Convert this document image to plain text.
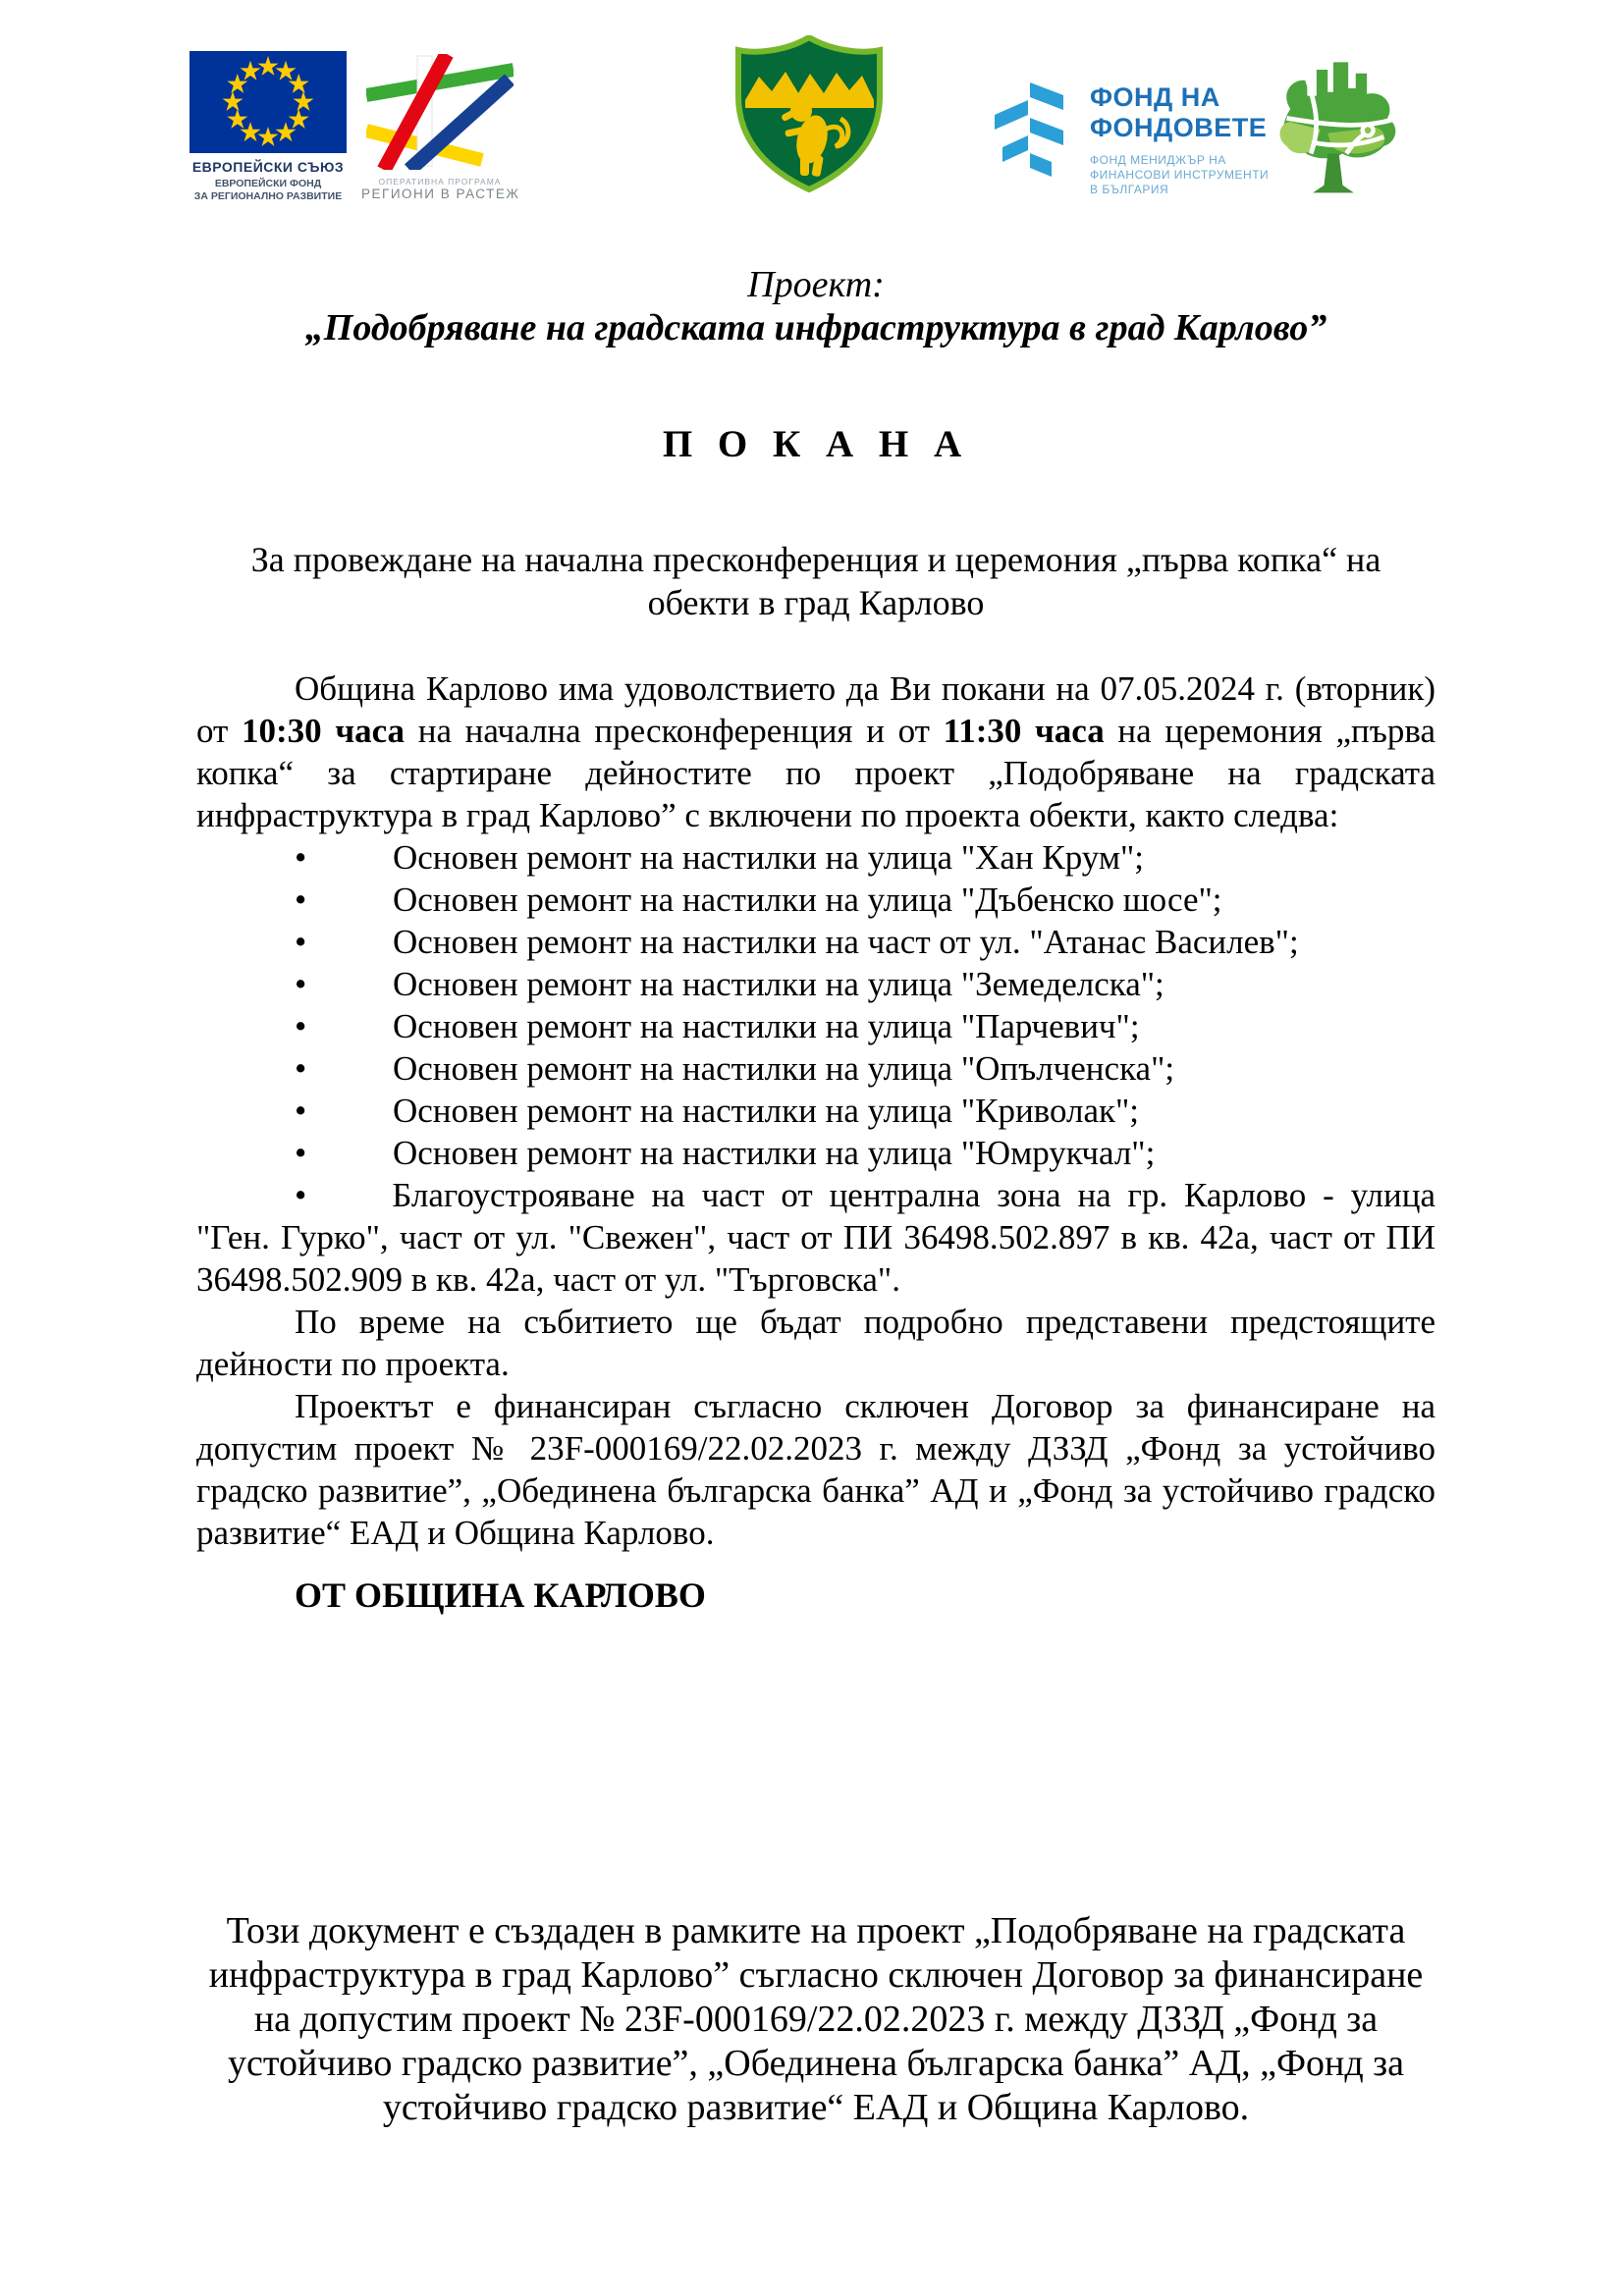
ЕВРОПЕЙСКИ СЪЮЗ
ЕВРОПЕЙСКИ ФОНД
ЗА РЕГИОНАЛНО РАЗВИТИЕ
ОПЕРАТИВНА ПРОГРАМА
РЕГИОНИ В РАСТЕЖ
ФОНД НА
ФОНДОВЕТЕ
ФОНД МЕНИДЖЪР НА
ФИНАНСОВИ ИНСТРУМЕНТИ
В БЪЛГАРИЯ
Проект:
„Подобряване на градската инфраструктура в град Карлово”
П О К А Н А
За провеждане на начална пресконференция и церемония „първа копка“ на обекти в град Карлово

Община Карлово има удоволствието да Ви покани на 07.05.2024 г. (вторник) от 10:30 часа на начална пресконференция и от 11:30 часа на церемония „първа копка“ за стартиране дейностите по проект „Подобряване на градската инфраструктура в град Карлово” с включени по проекта обекти, както следва:

•	Основен ремонт на настилки на улица "Хан Крум";
•	Основен ремонт на настилки на улица "Дъбенско шосе";
•	Основен ремонт на настилки на част от ул. "Атанас Василев";
•	Основен ремонт на настилки на улица "Земеделска";
•	Основен ремонт на настилки на улица "Парчевич";
•	Основен ремонт на настилки на улица "Опълченска";
•	Основен ремонт на настилки на улица "Криволак";
•	Основен ремонт на настилки на улица "Юмрукчал";

• Благоустрояване на част от централна зона на гр. Карлово - улица "Ген. Гурко", част от ул. "Свежен", част от ПИ 36498.502.897 в кв. 42а, част от ПИ 36498.502.909 в кв. 42а, част от ул. "Търговска".

По време на събитието ще бъдат подробно представени предстоящите дейности по проекта.

Проектът е финансиран съгласно сключен Договор за финансиране на допустим проект № 23F-000169/22.02.2023 г. между ДЗЗД „Фонд за устойчиво градско развитие”, „Обединена българска банка” АД и „Фонд за устойчиво градско развитие“ ЕАД и Община Карлово.

ОТ ОБЩИНА КАРЛОВО
Този документ е създаден в рамките на проект „Подобряване на градската инфраструктура в град Карлово” съгласно сключен Договор за финансиране на допустим проект № 23F-000169/22.02.2023 г. между ДЗЗД „Фонд за устойчиво градско развитие”, „Обединена българска банка” АД, „Фонд за устойчиво градско развитие“ ЕАД и Община Карлово.
